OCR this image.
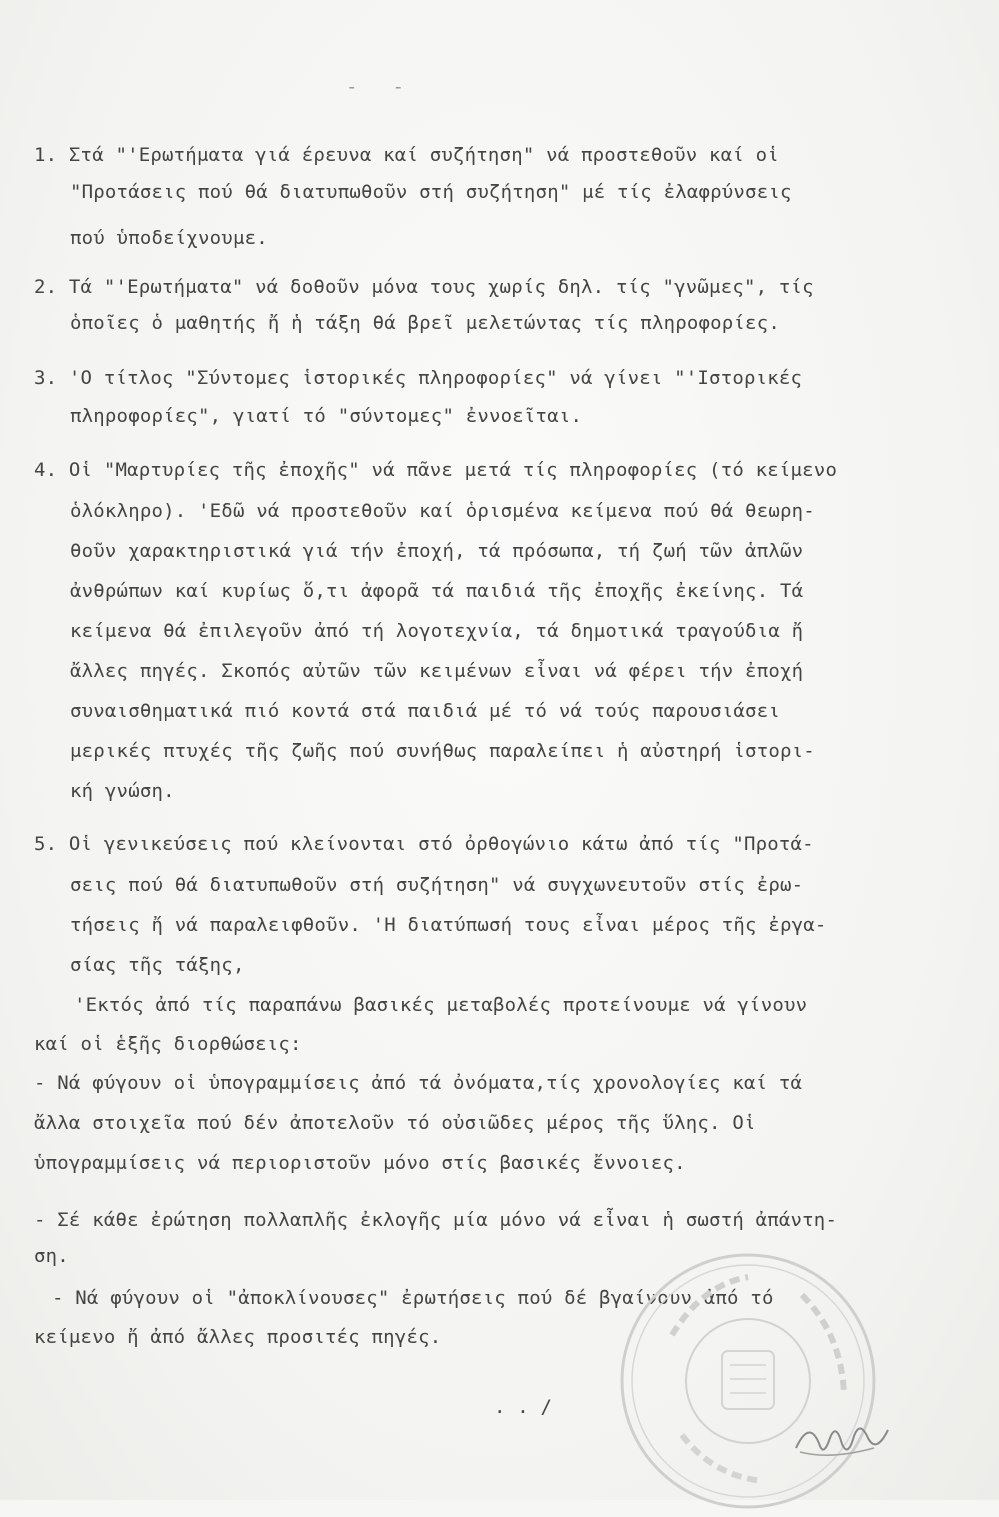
-   -
1. Στά "'Ερωτήματα γιά έρευνα καί συζήτηση" νά προστεθοῦν καί οἱ
"Προτάσεις πού θά διατυπωθοῦν στή συζήτηση" μέ τίς ἐλαφρύνσεις
πού ὑποδείχνουμε.
2. Τά "'Ερωτήματα" νά δοθοῦν μόνα τους χωρίς δηλ. τίς "γνῶμες", τίς
ὁποῖες ὁ μαθητής ἤ ἡ τάξη θά βρεῖ μελετώντας τίς πληροφορίες.
3. 'Ο τίτλος "Σύντομες ἱστορικές πληροφορίες" νά γίνει "'Ιστορικές
πληροφορίες", γιατί τό "σύντομες" ἐννοεῖται.
4. Οἱ "Μαρτυρίες τῆς ἐποχῆς" νά πᾶνε μετά τίς πληροφορίες (τό κείμενο
ὁλόκληρο). 'Εδῶ νά προστεθοῦν καί ὁρισμένα κείμενα πού θά θεωρη-
θοῦν χαρακτηριστικά γιά τήν ἐποχή, τά πρόσωπα, τή ζωή τῶν ἁπλῶν
ἀνθρώπων καί κυρίως ὅ,τι ἀφορᾶ τά παιδιά τῆς ἐποχῆς ἐκείνης. Τά
κείμενα θά ἐπιλεγοῦν ἀπό τή λογοτεχνία, τά δημοτικά τραγούδια ἤ
ἄλλες πηγές. Σκοπός αὐτῶν τῶν κειμένων εἶναι νά φέρει τήν ἐποχή
συναισθηματικά πιό κοντά στά παιδιά μέ τό νά τούς παρουσιάσει
μερικές πτυχές τῆς ζωῆς πού συνήθως παραλείπει ἡ αὐστηρή ἱστορι-
κή γνώση.
5. Οἱ γενικεύσεις πού κλείνονται στό ὀρθογώνιο κάτω ἀπό τίς "Προτά-
σεις πού θά διατυπωθοῦν στή συζήτηση" νά συγχωνευτοῦν στίς ἐρω-
τήσεις ἤ νά παραλειφθοῦν. 'Η διατύπωσή τους εἶναι μέρος τῆς ἐργα-
σίας τῆς τάξης,
'Εκτός ἀπό τίς παραπάνω βασικές μεταβολές προτείνουμε νά γίνουν
καί οἱ ἑξῆς διορθώσεις:
- Νά φύγουν οἱ ὑπογραμμίσεις ἀπό τά ὀνόματα,τίς χρονολογίες καί τά
ἄλλα στοιχεῖα πού δέν ἀποτελοῦν τό οὐσιῶδες μέρος τῆς ὕλης. Οἱ
ὑπογραμμίσεις νά περιοριστοῦν μόνο στίς βασικές ἔννοιες.
- Σέ κάθε ἐρώτηση πολλαπλῆς ἐκλογῆς μία μόνο νά εἶναι ἡ σωστή ἀπάντη-
ση.
- Νά φύγουν οἱ "ἀποκλίνουσες" ἐρωτήσεις πού δέ βγαίνουν ἀπό τό
κείμενο ἤ ἀπό ἄλλες προσιτές πηγές.
. . /
